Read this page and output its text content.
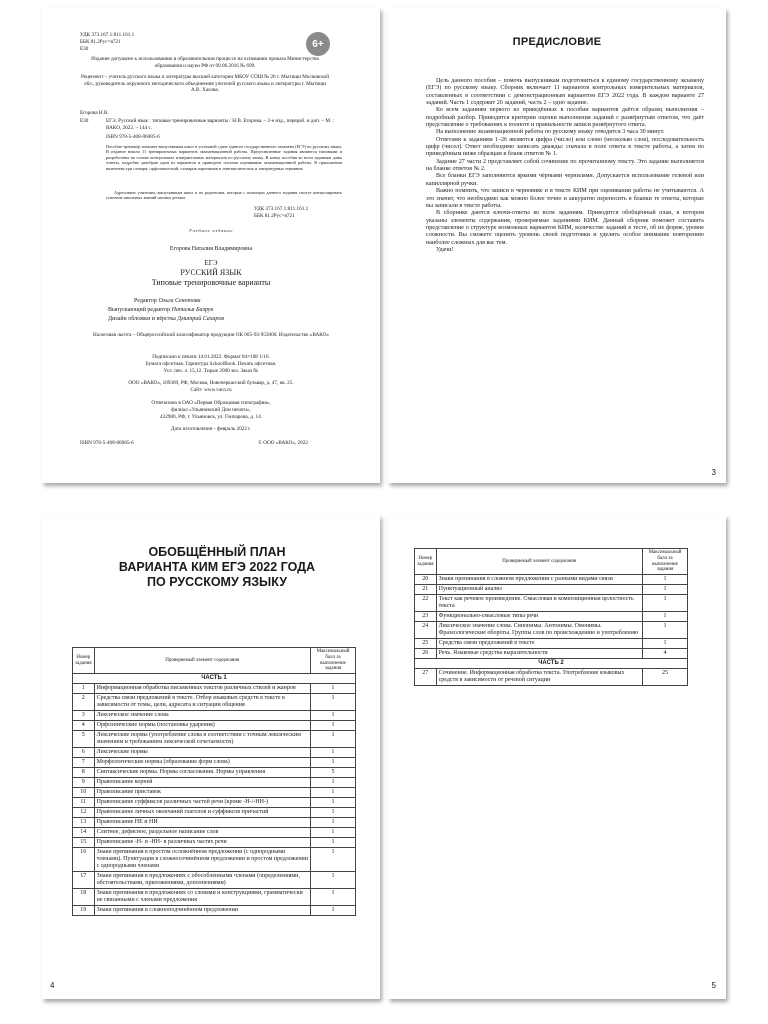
УДК 373.167.1:811.161.1
ББК 81.2Рус=я721
Е30	6+
Издание допущено к использованию в образовательном процессе на основании приказа Министерства образования и науки РФ от 09.06.2016 № 699.
Рецензент – учитель русского языка и литературы высшей категории МБОУ СОШ № 26 г. Мытищи Московской обл., руководитель окружного методического объединения учителей русского языка и литературы г. Мытищи А.В. Хасова.
Егорова Н.В.
Е30	ЕГЭ. Русский язык : типовые тренировочные варианты / Н.В. Егорова. – 2-е изд., перераб. и доп. – М. : ВАКО, 2022. – 144 с.
ISBN 978-5-408-06085-6
Пособие-тренажёр поможет выпускникам школ и успешной сдаче единого государственного экзамена (ЕГЭ) по русскому языку. В издание вошли 11 тренировочных вариантов экзаменационной работы. Представленные задания являются типовыми и разработаны на основе контрольных измерительных материалов по русскому языку. В конце пособия ко всем заданиям даны ответы, подробно разобран один из вариантов и приведена система оценивания экзаменационной работы. В приложении включены три словаря: орфоэпический, словарик паронимов и лингвистических и литературных терминов.
Адресовано учителям, выпускникам школ и их родителям, которые с помощью данного издания смогут контролировать усвоение школьных знаний своими детьми.
УДК 373.167.1:811.161.1
ББК 81.2Рус=я721
Учебное издание
Егорова Наталия Владимировна
ЕГЭ
РУССКИЙ ЯЗЫК
Типовые тренировочные варианты
Редактор Ольга Сенотова
Выпускающий редактор Наталья Базрук
Дизайн обложки и вёрстка Дмитрий Сахаров
Налоговая льгота – Общероссийский классификатор продукции ОК 005-93-953000. Издательство «ВАКО»
Подписано к печати 14.01.2022. Формат 84×108 1/16.
Бумага офсетная. Гарнитура SchoolBook. Печать офсетная.
Усл. печ. л. 15,12. Тираж 2000 экз. Заказ №
ООО «ВАКО», 109369, РФ, Москва, Новочеркасский бульвар, д. 47, кв. 25.
Сайт: www.vaco.ru
Отпечатано в ОАО «Первая Образцовая типография»,
филиал «Ульяновский Дом печати»,
432980, РФ, г. Ульяновск, ул. Гончарова, д. 14.
Дата изготовления – февраль 2022 г.
ISBN 978-5-408-06085-6	© ООО «ВАКО», 2022
ПРЕДИСЛОВИЕ

Цель данного пособия – помочь выпускникам подготовиться к единому государственному экзамену (ЕГЭ) по русскому языку. Сборник включает 11 вариантов контрольных измерительных материалов, составленных в соответствии с демонстрационным вариантом ЕГЭ 2022 года. В каждом варианте 27 заданий. Часть 1 содержит 26 заданий, часть 2 – одно задание.

Ко всем заданиям первого из приведённых в пособии вариантов даётся образец выполнения – подробный разбор. Приводятся критерии оценки выполнения заданий с развёрнутым ответом, что даёт представление о требованиях к полноте и правильности записи развёрнутого ответа.

На выполнение экзаменационной работы по русскому языку отводится 3 часа 30 минут.

Ответами к заданиям 1–26 являются цифра (число) или слово (несколько слов), последовательность цифр (чисел). Ответ необходимо записать дважды: сначала в поле ответа в тексте работы, а затем по приведённым ниже образцам в бланк ответов № 1.

Задание 27 части 2 представляет собой сочинение по прочитанному тексту. Это задание выполняется на бланке ответов № 2.

Все бланки ЕГЭ заполняются яркими чёрными чернилами. Допускается использование гелевой или капиллярной ручки.

Важно помнить, что записи в черновике и в тексте КИМ при оценивании работы не учитываются. А это значит, что необходимо как можно более точно и аккуратно переносить в бланки те ответы, которые вы записали в тексте работы.

В сборнике даются ключи-ответы ко всем заданиям. Приводится обобщённый план, в котором указаны элементы содержания, проверяемые заданиями КИМ. Данный сборник поможет составить представление о структуре возможных вариантов КИМ, количестве заданий в тесте, об их форме, уровне сложности. Вы сможете оценить уровень своей подготовки и уделить особое внимание повторению наиболее сложных для вас тем.

Удачи!

3
ОБОБЩЁННЫЙ ПЛАН
ВАРИАНТА КИМ ЕГЭ 2022 ГОДА
ПО РУССКОМУ ЯЗЫКУ
Номер задания	Проверяемый элемент содержания	Максимальный балл за выполнение задания
ЧАСТЬ 1		
1	Информационная обработка письменных текстов различных стилей и жанров	1
2	Средства связи предложений в тексте. Отбор языковых средств в тексте в зависимости от темы, цели, адресата и ситуации общения	1
3	Лексическое значение слова	1
4	Орфоэпические нормы (постановка ударения)	1
5	Лексические нормы (употребление слова в соответствии с точным лексическим значением и требованием лексической сочетаемости)	1
6	Лексические нормы	1
7	Морфологические нормы (образование форм слова)	1
8	Синтаксические нормы. Нормы согласования. Нормы управления	5
9	Правописание корней	1
10	Правописание приставок	1
11	Правописание суффиксов различных частей речи (кроме -Н-/-НН-)	1
12	Правописание личных окончаний глаголов и суффиксов причастий	1
13	Правописание НЕ и НИ	1
14	Слитное, дефисное, раздельное написание слов	1
15	Правописание -Н- и -НН- в различных частях речи	1
16	Знаки препинания в простом осложнённом предложении (с однородными членами). Пунктуация в сложносочинённом предложении и простом предложении с однородными членами	1
17	Знаки препинания в предложениях с обособленными членами (определениями, обстоятельствами, приложениями, дополнениями)	1
18	Знаки препинания в предложениях со словами и конструкциями, грамматически не связанными с членами предложения	1
19	Знаки препинания в сложноподчинённом предложении	1
4
Номер задания	Проверяемый элемент содержания	Максимальный балл за выполнение задания
20	Знаки препинания в сложном предложении с разными видами связи	1
21	Пунктуационный анализ	1
22	Текст как речевое произведение. Смысловая и композиционная целостность текста	1
23	Функционально-смысловые типы речи	1
24	Лексическое значение слова. Синонимы. Антонимы. Омонимы. Фразеологические обороты. Группы слов по происхождению и употреблению	1
25	Средства связи предложений в тексте	1
26	Речь. Языковые средства выразительности	4
ЧАСТЬ 2		
27	Сочинение. Информационная обработка текста. Употребление языковых средств в зависимости от речевой ситуации	25
5
